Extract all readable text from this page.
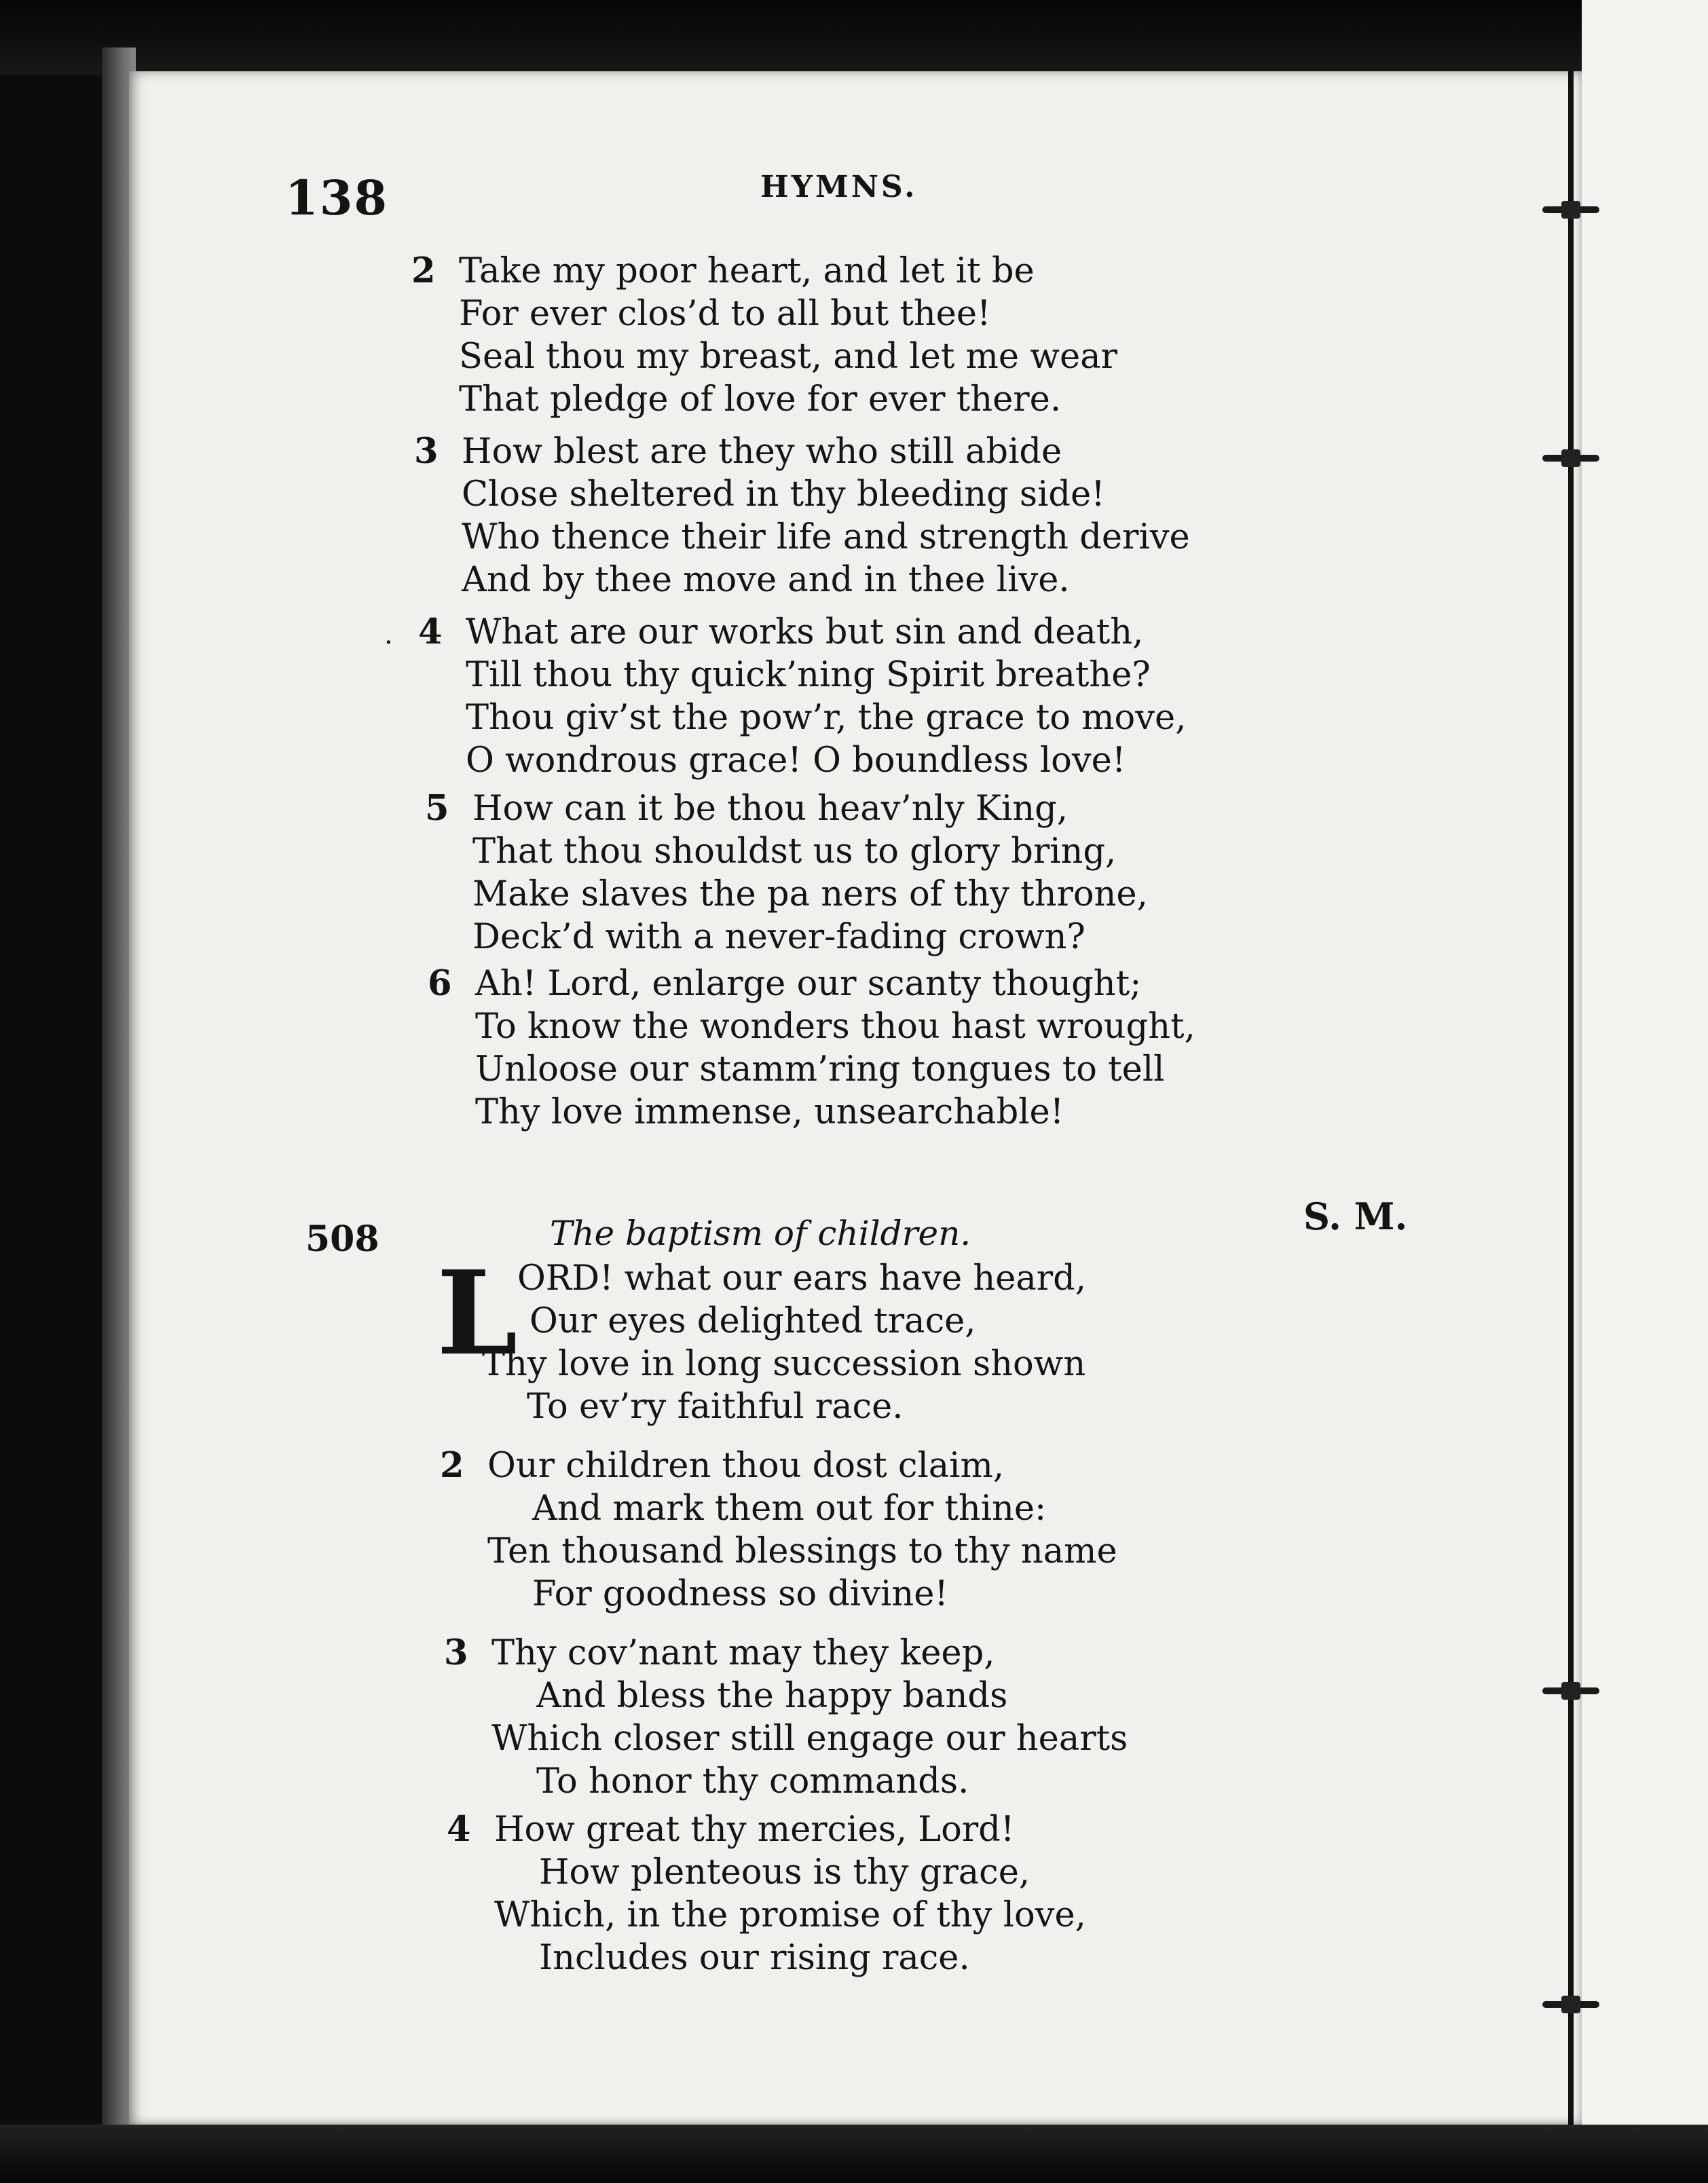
138	HYMNS.
.
2 Take my poor heart, and let it be
For ever clos’d to all but thee!
Seal thou my breast, and let me wear
That pledge of love for ever there.
3 How blest are they who still abide
Close sheltered in thy bleeding side!
Who thence their life and strength derive
And by thee move and in thee live.
4 What are our works but sin and death,
Till thou thy quick’ning Spirit breathe?
Thou giv’st the pow’r, the grace to move,
O wondrous grace! O boundless love!
5 How can it be thou heav’nly King,
That thou shouldst us to glory bring,
Make slaves the pa ners of thy throne,
Deck’d with a never-fading crown?
6 Ah! Lord, enlarge our scanty thought;
To know the wonders thou hast wrought,
Unloose our stamm’ring tongues to tell
Thy love immense, unsearchable!
508	The baptism of children.	S. M.
L ORD! what our ears have heard,
Our eyes delighted trace,
Thy love in long succession shown
To ev’ry faithful race.
2 Our children thou dost claim,
And mark them out for thine:
Ten thousand blessings to thy name
For goodness so divine!
3 Thy cov’nant may they keep,
And bless the happy bands
Which closer still engage our hearts
To honor thy commands.
4 How great thy mercies, Lord!
How plenteous is thy grace,
Which, in the promise of thy love,
Includes our rising race.
